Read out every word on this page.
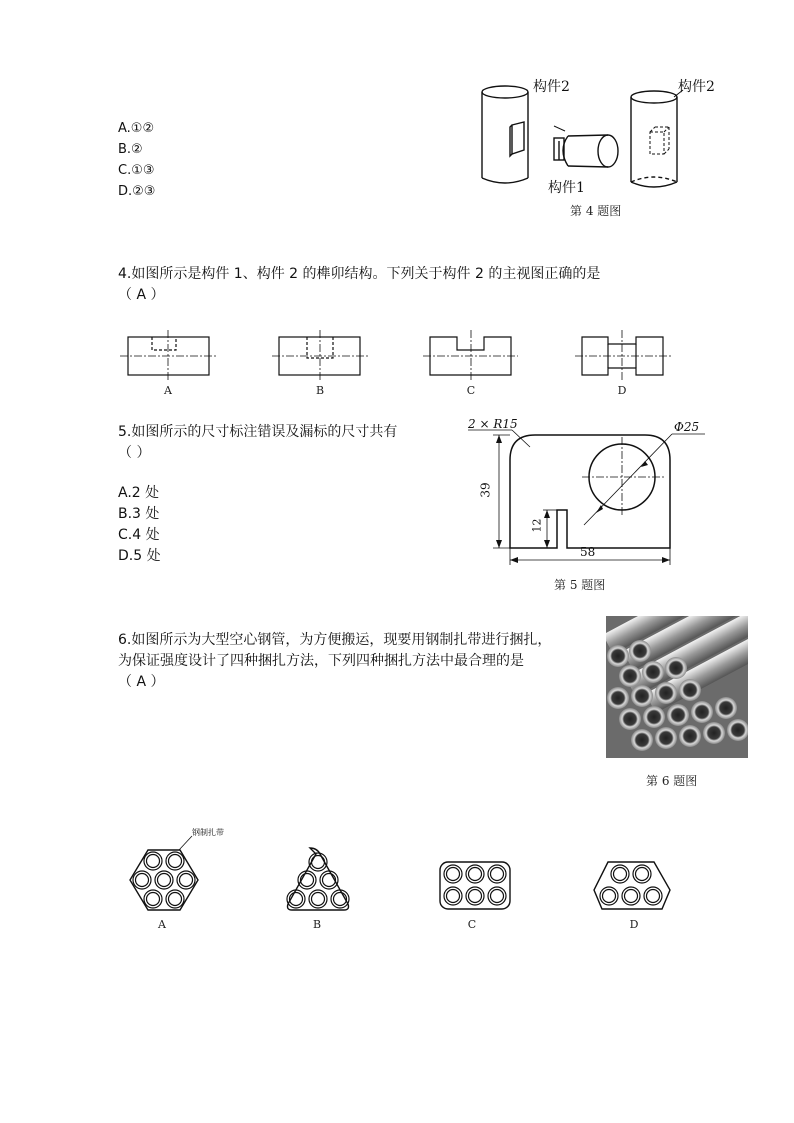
A.①②
B.②
C.①③
D.②③
构件2	构件2
构件1
第 4 题图
4.如图所示是构件 1、构件 2 的榫卯结构。下列关于构件 2 的主视图正确的是
（ A ）
A	B	C	D
5.如图所示的尺寸标注错误及漏标的尺寸共有
（ ）
A.2 处
B.3 处
C.4 处
D.5 处
2 × R15	Φ25
39
12
58
第 5 题图
6.如图所示为大型空心钢管，为方便搬运，现要用钢制扎带进行捆扎，
为保证强度设计了四种捆扎方法，下列四种捆扎方法中最合理的是
（ A ）
第 6 题图
钢制扎带
A	B	C	D
